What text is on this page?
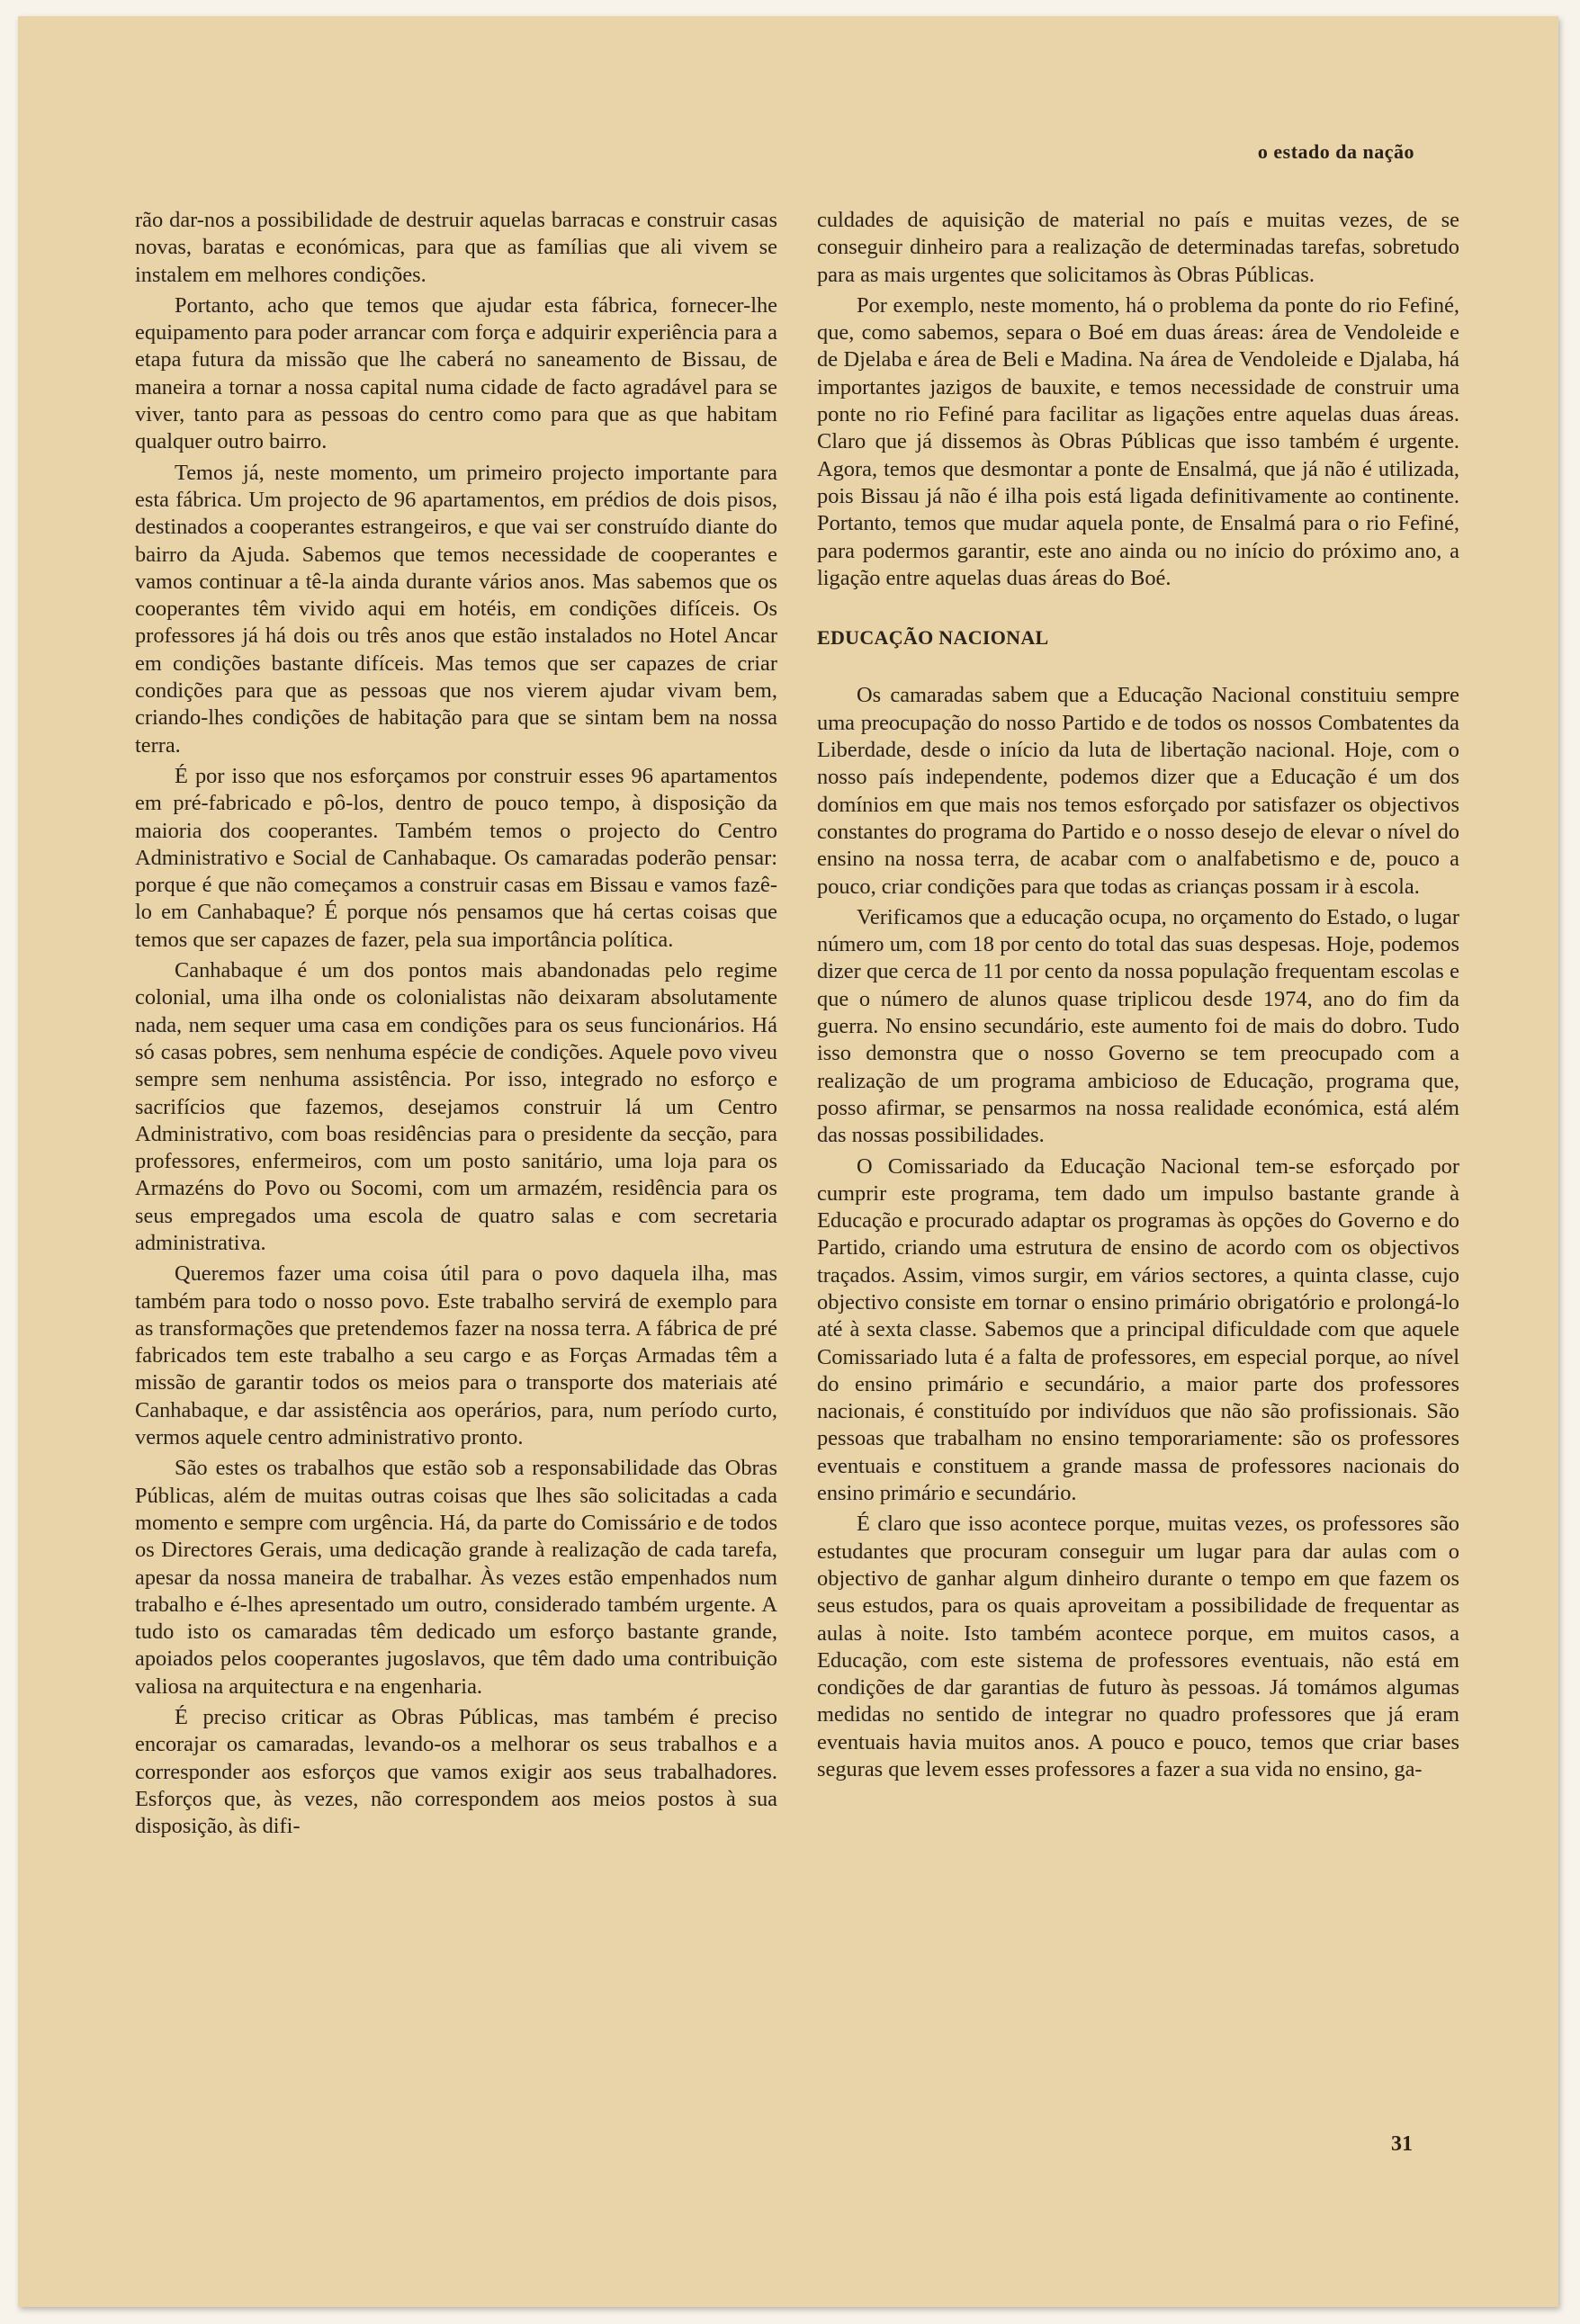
o estado da nação

rão dar-nos a possibilidade de destruir aquelas barracas e construir casas novas, baratas e económicas, para que as famílias que ali vivem se instalem em melhores condições.

Portanto, acho que temos que ajudar esta fábrica, fornecer-lhe equipamento para poder arrancar com força e adquirir experiência para a etapa futura da missão que lhe caberá no saneamento de Bissau, de maneira a tornar a nossa capital numa cidade de facto agradável para se viver, tanto para as pessoas do centro como para que as que habitam qualquer outro bairro.

Temos já, neste momento, um primeiro projecto importante para esta fábrica. Um projecto de 96 apartamentos, em prédios de dois pisos, destinados a cooperantes estrangeiros, e que vai ser construído diante do bairro da Ajuda. Sabemos que temos necessidade de cooperantes e vamos continuar a tê-la ainda durante vários anos. Mas sabemos que os cooperantes têm vivido aqui em hotéis, em condições difíceis. Os professores já há dois ou três anos que estão instalados no Hotel Ancar em condições bastante difíceis. Mas temos que ser capazes de criar condições para que as pessoas que nos vierem ajudar vivam bem, criando-lhes condições de habitação para que se sintam bem na nossa terra.

É por isso que nos esforçamos por construir esses 96 apartamentos em pré-fabricado e pô-los, dentro de pouco tempo, à disposição da maioria dos cooperantes. Também temos o projecto do Centro Administrativo e Social de Canhabaque. Os camaradas poderão pensar: porque é que não começamos a construir casas em Bissau e vamos fazê-lo em Canhabaque? É porque nós pensamos que há certas coisas que temos que ser capazes de fazer, pela sua importância política.

Canhabaque é um dos pontos mais abandonadas pelo regime colonial, uma ilha onde os colonialistas não deixaram absolutamente nada, nem sequer uma casa em condições para os seus funcionários. Há só casas pobres, sem nenhuma espécie de condições. Aquele povo viveu sempre sem nenhuma assistência. Por isso, integrado no esforço e sacrifícios que fazemos, desejamos construir lá um Centro Administrativo, com boas residências para o presidente da secção, para professores, enfermeiros, com um posto sanitário, uma loja para os Armazéns do Povo ou Socomi, com um armazém, residência para os seus empregados uma escola de quatro salas e com secretaria administrativa.

Queremos fazer uma coisa útil para o povo daquela ilha, mas também para todo o nosso povo. Este trabalho servirá de exemplo para as transformações que pretendemos fazer na nossa terra. A fábrica de pré fabricados tem este trabalho a seu cargo e as Forças Armadas têm a missão de garantir todos os meios para o transporte dos materiais até Canhabaque, e dar assistência aos operários, para, num período curto, vermos aquele centro administrativo pronto.

São estes os trabalhos que estão sob a responsabilidade das Obras Públicas, além de muitas outras coisas que lhes são solicitadas a cada momento e sempre com urgência. Há, da parte do Comissário e de todos os Directores Gerais, uma dedicação grande à realização de cada tarefa, apesar da nossa maneira de trabalhar. Às vezes estão empenhados num trabalho e é-lhes apresentado um outro, considerado também urgente. A tudo isto os camaradas têm dedicado um esforço bastante grande, apoiados pelos cooperantes jugoslavos, que têm dado uma contribuição valiosa na arquitectura e na engenharia.

É preciso criticar as Obras Públicas, mas também é preciso encorajar os camaradas, levando-os a melhorar os seus trabalhos e a corresponder aos esforços que vamos exigir aos seus trabalhadores. Esforços que, às vezes, não correspondem aos meios postos à sua disposição, às difi-

culdades de aquisição de material no país e muitas vezes, de se conseguir dinheiro para a realização de determinadas tarefas, sobretudo para as mais urgentes que solicitamos às Obras Públicas.

Por exemplo, neste momento, há o problema da ponte do rio Fefiné, que, como sabemos, separa o Boé em duas áreas: área de Vendoleide e de Djelaba e área de Beli e Madina. Na área de Vendoleide e Djalaba, há importantes jazigos de bauxite, e temos necessidade de construir uma ponte no rio Fefiné para facilitar as ligações entre aquelas duas áreas. Claro que já dissemos às Obras Públicas que isso também é urgente. Agora, temos que desmontar a ponte de Ensalmá, que já não é utilizada, pois Bissau já não é ilha pois está ligada definitivamente ao continente. Portanto, temos que mudar aquela ponte, de Ensalmá para o rio Fefiné, para podermos garantir, este ano ainda ou no início do próximo ano, a ligação entre aquelas duas áreas do Boé.

EDUCAÇÃO NACIONAL

Os camaradas sabem que a Educação Nacional constituiu sempre uma preocupação do nosso Partido e de todos os nossos Combatentes da Liberdade, desde o início da luta de libertação nacional. Hoje, com o nosso país independente, podemos dizer que a Educação é um dos domínios em que mais nos temos esforçado por satisfazer os objectivos constantes do programa do Partido e o nosso desejo de elevar o nível do ensino na nossa terra, de acabar com o analfabetismo e de, pouco a pouco, criar condições para que todas as crianças possam ir à escola.

Verificamos que a educação ocupa, no orçamento do Estado, o lugar número um, com 18 por cento do total das suas despesas. Hoje, podemos dizer que cerca de 11 por cento da nossa população frequentam escolas e que o número de alunos quase triplicou desde 1974, ano do fim da guerra. No ensino secundário, este aumento foi de mais do dobro. Tudo isso demonstra que o nosso Governo se tem preocupado com a realização de um programa ambicioso de Educação, programa que, posso afirmar, se pensarmos na nossa realidade económica, está além das nossas possibilidades.

O Comissariado da Educação Nacional tem-se esforçado por cumprir este programa, tem dado um impulso bastante grande à Educação e procurado adaptar os programas às opções do Governo e do Partido, criando uma estrutura de ensino de acordo com os objectivos traçados. Assim, vimos surgir, em vários sectores, a quinta classe, cujo objectivo consiste em tornar o ensino primário obrigatório e prolongá-lo até à sexta classe. Sabemos que a principal dificuldade com que aquele Comissariado luta é a falta de professores, em especial porque, ao nível do ensino primário e secundário, a maior parte dos professores nacionais, é constituído por indivíduos que não são profissionais. São pessoas que trabalham no ensino temporariamente: são os professores eventuais e constituem a grande massa de professores nacionais do ensino primário e secundário.

É claro que isso acontece porque, muitas vezes, os professores são estudantes que procuram conseguir um lugar para dar aulas com o objectivo de ganhar algum dinheiro durante o tempo em que fazem os seus estudos, para os quais aproveitam a possibilidade de frequentar as aulas à noite. Isto também acontece porque, em muitos casos, a Educação, com este sistema de professores eventuais, não está em condições de dar garantias de futuro às pessoas. Já tomámos algumas medidas no sentido de integrar no quadro professores que já eram eventuais havia muitos anos. A pouco e pouco, temos que criar bases seguras que levem esses professores a fazer a sua vida no ensino, ga-

31
